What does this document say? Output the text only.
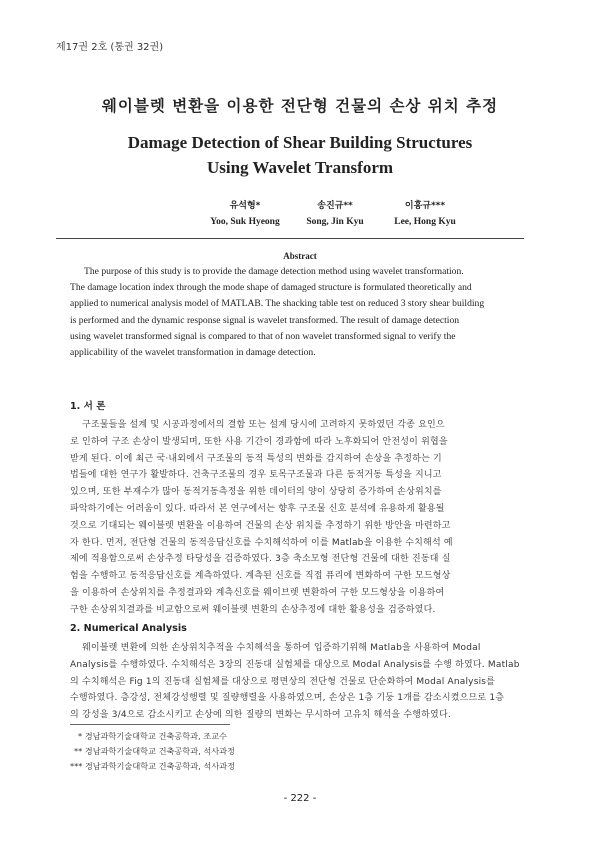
제17권 2호 (통권 32권)
웨이블렛 변환을 이용한 전단형 건물의 손상 위치 추정
Damage Detection of Shear Building Structures
Using Wavelet Transform
유석형*
Yoo, Suk Hyeong
송진규**
Song, Jin Kyu
이홍규***
Lee, Hong Kyu
Abstract
The purpose of this study is to provide the damage detection method using wavelet transformation.
The damage location index through the mode shape of damaged structure is formulated theoretically and
applied to numerical analysis model of MATLAB. The shacking table test on reduced 3 story shear building
is performed and the dynamic response signal is wavelet transformed. The result of damage detection
using wavelet transformed signal is compared to that of non wavelet transformed signal to verify the
applicability of the wavelet transformation in damage detection.
1. 서 론
구조물들을 설계 및 시공과정에서의 결함 또는 설계 당시에 고려하지 못하였던 각종 요인으
로 인하여 구조 손상이 발생되며, 또한 사용 기간이 경과함에 따라 노후화되어 안전성이 위협을
받게 된다. 이에 최근 국·내외에서 구조물의 동적 특성의 변화를 감지하여 손상을 추정하는 기
법들에 대한 연구가 활발하다. 건축구조물의 경우 토목구조물과 다른 동적거동 특성을 지니고
있으며, 또한 부재수가 많아 동적거동측정을 위한 데이터의 양이 상당히 증가하여 손상위치를
파악하기에는 어려움이 있다. 따라서 본 연구에서는 향후 구조물 신호 분석에 유용하게 활용될
것으로 기대되는 웨이블렛 변환을 이용하여 건물의 손상 위치를 추정하기 위한 방안을 마련하고
자 한다. 먼저, 전단형 건물의 동적응답신호를 수치해석하여 이를 Matlab을 이용한 수치해석 예
제에 적용함으로써 손상추정 타당성을 검증하였다. 3층 축소모형 전단형 건물에 대한 진동대 실
험을 수행하고 동적응답신호를 계측하였다. 계측된 신호를 직접 퓨리에 변화하여 구한 모드형상
을 이용하여 손상위치를 추정결과와 계측신호를 웨이브렛 변환하여 구한 모드형상을 이용하여
구한 손상위치결과를 비교함으로써 웨이블렛 변환의 손상추정에 대한 활용성을 검증하였다.
2. Numerical Analysis
웨이블렛 변환에 의한 손상위치추적을 수치해석을 통하여 입증하기위해 Matlab을 사용하여 Modal
Analysis를 수행하였다. 수치해석은 3장의 진동대 실험체를 대상으로 Modal Analysis를 수행 하였다. Matlab
의 수치해석은 Fig 1의 진동대 실험체를 대상으로 평면상의 전단형 건물로 단순화하여 Modal Analysis를
수행하였다. 층강성, 전체강성행렬 및 질량행렬을 사용하였으며, 손상은 1층 기둥 1개를 감소시켰으므로 1층
의 강성을 3/4으로 감소시키고 손상에 의한 질량의 변화는 무시하여 고유치 해석을 수행하였다.
* 경남과학기술대학교 건축공학과, 조교수
** 경남과학기술대학교 건축공학과, 석사과정
*** 경남과학기술대학교 건축공학과, 석사과정
- 222 -
